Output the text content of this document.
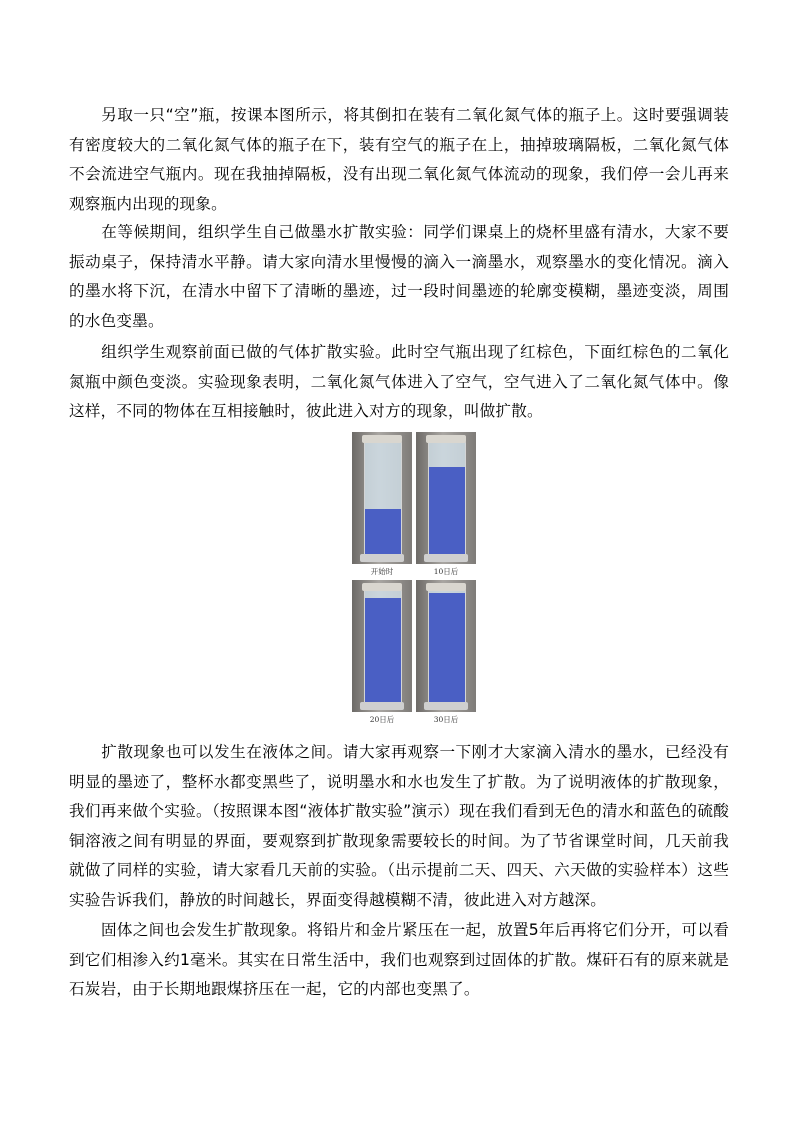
另取一只“空”瓶，按课本图所示，将其倒扣在装有二氧化氮气体的瓶子上。这时要强调装有密度较大的二氧化氮气体的瓶子在下，装有空气的瓶子在上，抽掉玻璃隔板，二氧化氮气体不会流进空气瓶内。现在我抽掉隔板，没有出现二氧化氮气体流动的现象，我们停一会儿再来观察瓶内出现的现象。

在等候期间，组织学生自己做墨水扩散实验：同学们课桌上的烧杯里盛有清水，大家不要振动桌子，保持清水平静。请大家向清水里慢慢的滴入一滴墨水，观察墨水的变化情况。滴入的墨水将下沉，在清水中留下了清晰的墨迹，过一段时间墨迹的轮廓变模糊，墨迹变淡，周围的水色变墨。

组织学生观察前面已做的气体扩散实验。此时空气瓶出现了红棕色，下面红棕色的二氧化氮瓶中颜色变淡。实验现象表明，二氧化氮气体进入了空气，空气进入了二氧化氮气体中。像这样，不同的物体在互相接触时，彼此进入对方的现象，叫做扩散。

开始时	10日后
20日后	30日后

扩散现象也可以发生在液体之间。请大家再观察一下刚才大家滴入清水的墨水，已经没有明显的墨迹了，整杯水都变黑些了，说明墨水和水也发生了扩散。为了说明液体的扩散现象，我们再来做个实验。（按照课本图“液体扩散实验”演示）现在我们看到无色的清水和蓝色的硫酸铜溶液之间有明显的界面，要观察到扩散现象需要较长的时间。为了节省课堂时间，几天前我就做了同样的实验，请大家看几天前的实验。（出示提前二天、四天、六天做的实验样本）这些实验告诉我们，静放的时间越长，界面变得越模糊不清，彼此进入对方越深。

固体之间也会发生扩散现象。将铅片和金片紧压在一起，放置5年后再将它们分开，可以看到它们相渗入约1毫米。其实在日常生活中，我们也观察到过固体的扩散。煤矸石有的原来就是石炭岩，由于长期地跟煤挤压在一起，它的内部也变黑了。
